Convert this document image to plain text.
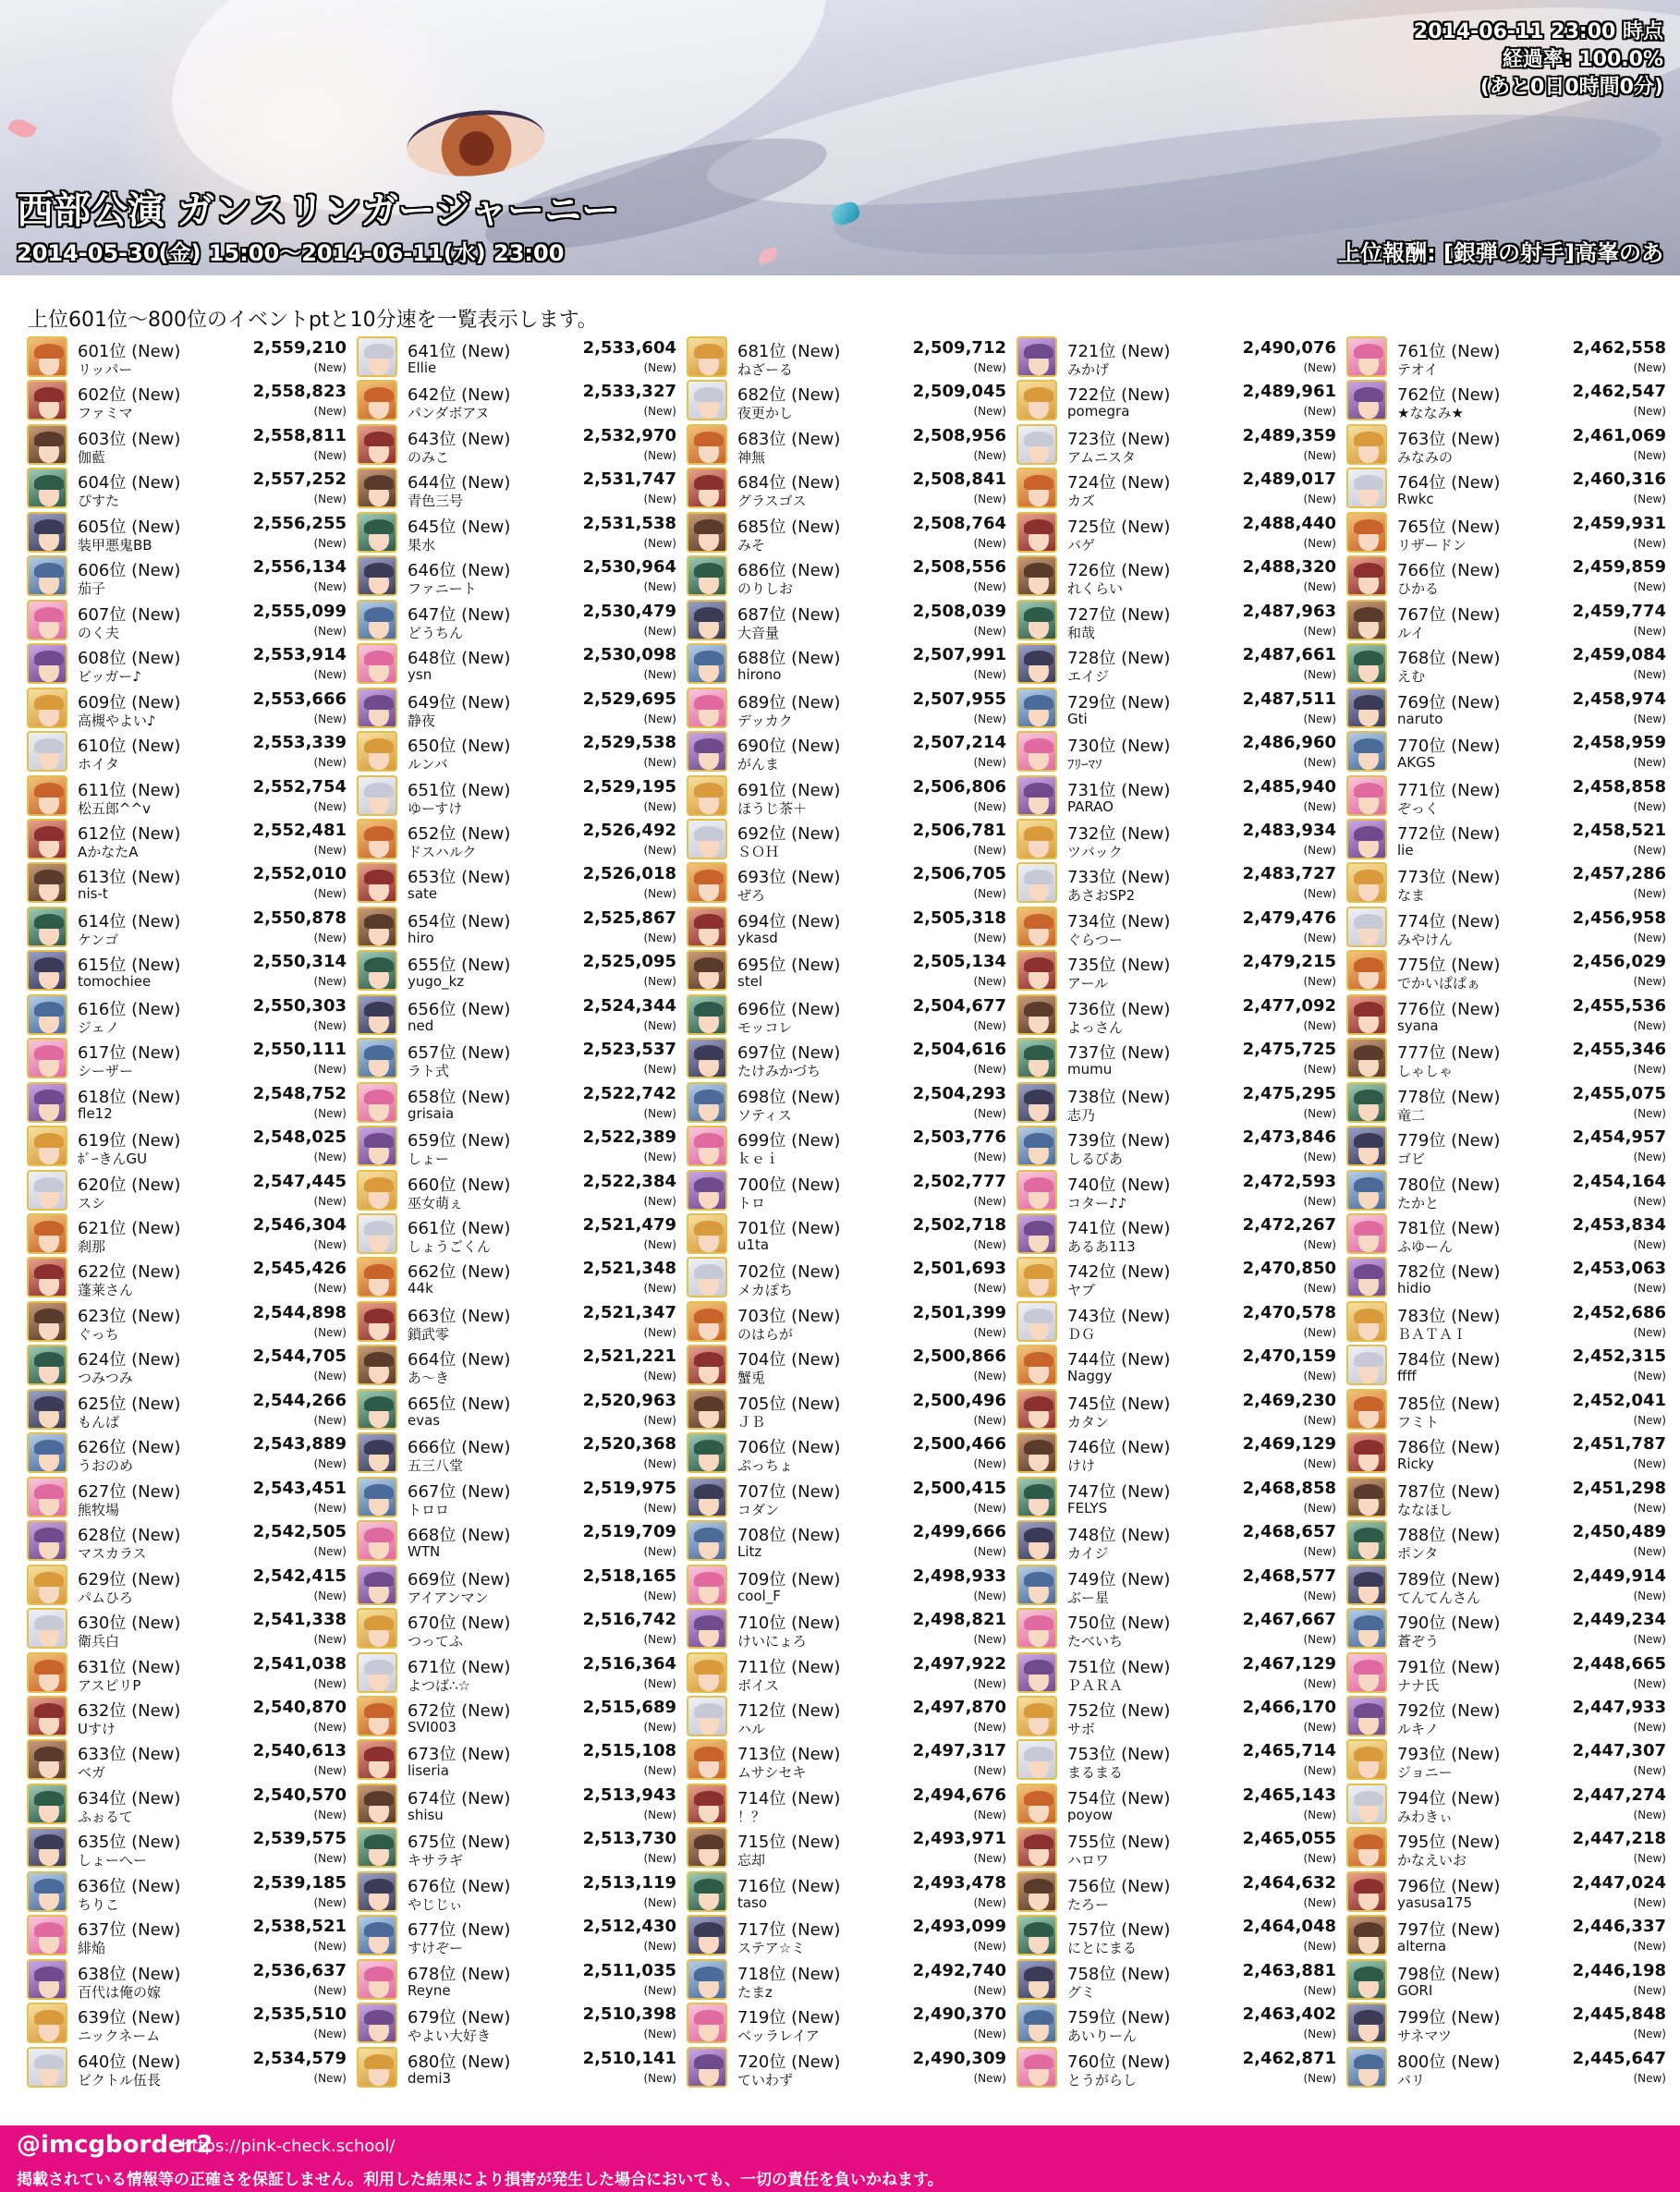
2014-06-11 23:00 時点
経過率: 100.0%
(あと0日0時間0分)
西部公演 ガンスリンガージャーニー
2014-05-30(金) 15:00～2014-06-11(水) 23:00	上位報酬: [銀弾の射手]高峯のあ
上位601位～800位のイベントptと10分速を一覧表示します。
601位 (New)	2,559,210
リッパー	(New)
602位 (New)	2,558,823
ファミマ	(New)
603位 (New)	2,558,811
伽藍	(New)
604位 (New)	2,557,252
ぴすた	(New)
605位 (New)	2,556,255
装甲悪鬼BB	(New)
606位 (New)	2,556,134
茄子	(New)
607位 (New)	2,555,099
のく夫	(New)
608位 (New)	2,553,914
ビッガー♪	(New)
609位 (New)	2,553,666
高槻やよい♪	(New)
610位 (New)	2,553,339
ホイタ	(New)
611位 (New)	2,552,754
松五郎^^v	(New)
612位 (New)	2,552,481
AかなたA	(New)
613位 (New)	2,552,010
nis-t	(New)
614位 (New)	2,550,878
ケンゴ	(New)
615位 (New)	2,550,314
tomochiee	(New)
616位 (New)	2,550,303
ジェノ	(New)
617位 (New)	2,550,111
シーザー	(New)
618位 (New)	2,548,752
fle12	(New)
619位 (New)	2,548,025
ﾎﾞｰきんGU	(New)
620位 (New)	2,547,445
スシ	(New)
621位 (New)	2,546,304
刹那	(New)
622位 (New)	2,545,426
蓬莱さん	(New)
623位 (New)	2,544,898
ぐっち	(New)
624位 (New)	2,544,705
つみつみ	(New)
625位 (New)	2,544,266
もんば	(New)
626位 (New)	2,543,889
うおのめ	(New)
627位 (New)	2,543,451
熊牧場	(New)
628位 (New)	2,542,505
マスカラス	(New)
629位 (New)	2,542,415
パムひろ	(New)
630位 (New)	2,541,338
衛兵白	(New)
631位 (New)	2,541,038
アスピリP	(New)
632位 (New)	2,540,870
Uすけ	(New)
633位 (New)	2,540,613
ベガ	(New)
634位 (New)	2,540,570
ふぉるて	(New)
635位 (New)	2,539,575
しょーへー	(New)
636位 (New)	2,539,185
ちりこ	(New)
637位 (New)	2,538,521
緋焔	(New)
638位 (New)	2,536,637
百代は俺の嫁	(New)
639位 (New)	2,535,510
ニックネーム	(New)
640位 (New)	2,534,579
ビクトル伍長	(New)
641位 (New)	2,533,604
Ellie	(New)
642位 (New)	2,533,327
パンダボアヌ	(New)
643位 (New)	2,532,970
のみこ	(New)
644位 (New)	2,531,747
青色三号	(New)
645位 (New)	2,531,538
果水	(New)
646位 (New)	2,530,964
ファニート	(New)
647位 (New)	2,530,479
どうちん	(New)
648位 (New)	2,530,098
ysn	(New)
649位 (New)	2,529,695
静夜	(New)
650位 (New)	2,529,538
ルンバ	(New)
651位 (New)	2,529,195
ゆーすけ	(New)
652位 (New)	2,526,492
ドスハルク	(New)
653位 (New)	2,526,018
sate	(New)
654位 (New)	2,525,867
hiro	(New)
655位 (New)	2,525,095
yugo_kz	(New)
656位 (New)	2,524,344
ned	(New)
657位 (New)	2,523,537
ラト式	(New)
658位 (New)	2,522,742
grisaia	(New)
659位 (New)	2,522,389
しょー	(New)
660位 (New)	2,522,384
巫女萌ぇ	(New)
661位 (New)	2,521,479
しょうごくん	(New)
662位 (New)	2,521,348
44k	(New)
663位 (New)	2,521,347
鎖武零	(New)
664位 (New)	2,521,221
あ～き	(New)
665位 (New)	2,520,963
evas	(New)
666位 (New)	2,520,368
五三八堂	(New)
667位 (New)	2,519,975
トロロ	(New)
668位 (New)	2,519,709
WTN	(New)
669位 (New)	2,518,165
アイアンマン	(New)
670位 (New)	2,516,742
つってふ	(New)
671位 (New)	2,516,364
よつば∴☆	(New)
672位 (New)	2,515,689
SVI003	(New)
673位 (New)	2,515,108
liseria	(New)
674位 (New)	2,513,943
shisu	(New)
675位 (New)	2,513,730
キサラギ	(New)
676位 (New)	2,513,119
やじじぃ	(New)
677位 (New)	2,512,430
すけぞー	(New)
678位 (New)	2,511,035
Reyne	(New)
679位 (New)	2,510,398
やよい大好き	(New)
680位 (New)	2,510,141
demi3	(New)
681位 (New)	2,509,712
ねざーる	(New)
682位 (New)	2,509,045
夜更かし	(New)
683位 (New)	2,508,956
神無	(New)
684位 (New)	2,508,841
グラスゴス	(New)
685位 (New)	2,508,764
みそ	(New)
686位 (New)	2,508,556
のりしお	(New)
687位 (New)	2,508,039
大音量	(New)
688位 (New)	2,507,991
hirono	(New)
689位 (New)	2,507,955
デッカク	(New)
690位 (New)	2,507,214
がんま	(New)
691位 (New)	2,506,806
ほうじ茶＋	(New)
692位 (New)	2,506,781
ＳＯＨ	(New)
693位 (New)	2,506,705
ぜろ	(New)
694位 (New)	2,505,318
ykasd	(New)
695位 (New)	2,505,134
stel	(New)
696位 (New)	2,504,677
モッコレ	(New)
697位 (New)	2,504,616
たけみかづち	(New)
698位 (New)	2,504,293
ソティス	(New)
699位 (New)	2,503,776
ｋｅｉ	(New)
700位 (New)	2,502,777
トロ	(New)
701位 (New)	2,502,718
u1ta	(New)
702位 (New)	2,501,693
メカぽち	(New)
703位 (New)	2,501,399
のはらが	(New)
704位 (New)	2,500,866
蟹兎	(New)
705位 (New)	2,500,496
ＪＢ	(New)
706位 (New)	2,500,466
ぷっちょ	(New)
707位 (New)	2,500,415
コダン	(New)
708位 (New)	2,499,666
Litz	(New)
709位 (New)	2,498,933
cool_F	(New)
710位 (New)	2,498,821
けいにょろ	(New)
711位 (New)	2,497,922
ボイス	(New)
712位 (New)	2,497,870
ハル	(New)
713位 (New)	2,497,317
ムサシセキ	(New)
714位 (New)	2,494,676
！？	(New)
715位 (New)	2,493,971
忘却	(New)
716位 (New)	2,493,478
taso	(New)
717位 (New)	2,493,099
ステア☆ミ	(New)
718位 (New)	2,492,740
たまz	(New)
719位 (New)	2,490,370
ベッラレイア	(New)
720位 (New)	2,490,309
ていわず	(New)
721位 (New)	2,490,076
みかげ	(New)
722位 (New)	2,489,961
pomegra	(New)
723位 (New)	2,489,359
アムニスタ	(New)
724位 (New)	2,489,017
カズ	(New)
725位 (New)	2,488,440
バゲ	(New)
726位 (New)	2,488,320
れくらい	(New)
727位 (New)	2,487,963
和哉	(New)
728位 (New)	2,487,661
エイジ	(New)
729位 (New)	2,487,511
Gti	(New)
730位 (New)	2,486,960
ﾌﾘｰﾏｿ	(New)
731位 (New)	2,485,940
PARAO	(New)
732位 (New)	2,483,934
ツバック	(New)
733位 (New)	2,483,727
あさおSP2	(New)
734位 (New)	2,479,476
ぐらつー	(New)
735位 (New)	2,479,215
アール	(New)
736位 (New)	2,477,092
よっさん	(New)
737位 (New)	2,475,725
mumu	(New)
738位 (New)	2,475,295
志乃	(New)
739位 (New)	2,473,846
しるびあ	(New)
740位 (New)	2,472,593
コター♪♪	(New)
741位 (New)	2,472,267
あるあ113	(New)
742位 (New)	2,470,850
ヤブ	(New)
743位 (New)	2,470,578
ＤＧ	(New)
744位 (New)	2,470,159
Naggy	(New)
745位 (New)	2,469,230
カタン	(New)
746位 (New)	2,469,129
けけ	(New)
747位 (New)	2,468,858
FELYS	(New)
748位 (New)	2,468,657
カイジ	(New)
749位 (New)	2,468,577
ぶー星	(New)
750位 (New)	2,467,667
たべいち	(New)
751位 (New)	2,467,129
ＰＡＲＡ	(New)
752位 (New)	2,466,170
サボ	(New)
753位 (New)	2,465,714
まるまる	(New)
754位 (New)	2,465,143
poyow	(New)
755位 (New)	2,465,055
ハロワ	(New)
756位 (New)	2,464,632
たろー	(New)
757位 (New)	2,464,048
にとにまる	(New)
758位 (New)	2,463,881
グミ	(New)
759位 (New)	2,463,402
あいりーん	(New)
760位 (New)	2,462,871
とうがらし	(New)
761位 (New)	2,462,558
テオイ	(New)
762位 (New)	2,462,547
★ななみ★	(New)
763位 (New)	2,461,069
みなみの	(New)
764位 (New)	2,460,316
Rwkc	(New)
765位 (New)	2,459,931
リザードン	(New)
766位 (New)	2,459,859
ひかる	(New)
767位 (New)	2,459,774
ルイ	(New)
768位 (New)	2,459,084
えむ	(New)
769位 (New)	2,458,974
naruto	(New)
770位 (New)	2,458,959
AKGS	(New)
771位 (New)	2,458,858
ぞっく	(New)
772位 (New)	2,458,521
lie	(New)
773位 (New)	2,457,286
なま	(New)
774位 (New)	2,456,958
みやけん	(New)
775位 (New)	2,456,029
でかいぱぱぁ	(New)
776位 (New)	2,455,536
syana	(New)
777位 (New)	2,455,346
しゃしゃ	(New)
778位 (New)	2,455,075
竜二	(New)
779位 (New)	2,454,957
ゴビ	(New)
780位 (New)	2,454,164
たかと	(New)
781位 (New)	2,453,834
ふゆーん	(New)
782位 (New)	2,453,063
hidio	(New)
783位 (New)	2,452,686
ＢＡＴＡＩ	(New)
784位 (New)	2,452,315
ffff	(New)
785位 (New)	2,452,041
フミト	(New)
786位 (New)	2,451,787
Ricky	(New)
787位 (New)	2,451,298
ななほし	(New)
788位 (New)	2,450,489
ポンタ	(New)
789位 (New)	2,449,914
てんてんさん	(New)
790位 (New)	2,449,234
蒼ぞう	(New)
791位 (New)	2,448,665
ナナ氏	(New)
792位 (New)	2,447,933
ルキノ	(New)
793位 (New)	2,447,307
ジョニー	(New)
794位 (New)	2,447,274
みわきぃ	(New)
795位 (New)	2,447,218
かなえいお	(New)
796位 (New)	2,447,024
yasusa175	(New)
797位 (New)	2,446,337
alterna	(New)
798位 (New)	2,446,198
GORI	(New)
799位 (New)	2,445,848
サネマツ	(New)
800位 (New)	2,445,647
バリ	(New)
@imcgborder2
https://pink-check.school/
掲載されている情報等の正確さを保証しません。利用した結果により損害が発生した場合においても、一切の責任を負いかねます。
